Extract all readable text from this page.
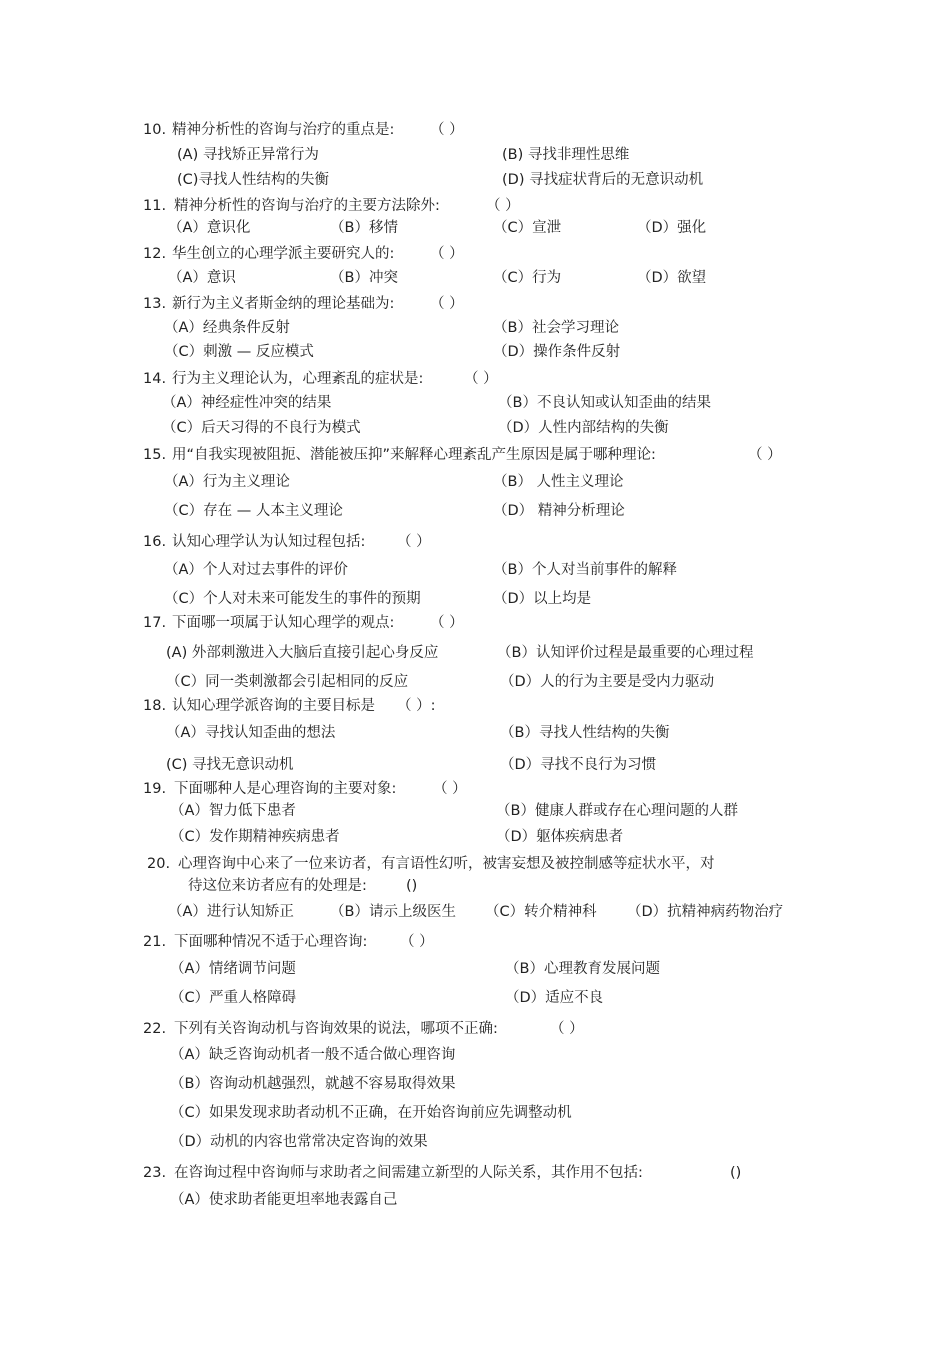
10. 精神分析性的咨询与治疗的重点是: （ ）
(A) 寻找矫正异常行为	(B) 寻找非理性思维
(C)寻找人性结构的失衡	(D) 寻找症状背后的无意识动机
11. 精神分析性的咨询与治疗的主要方法除外:	（ ）
（A）意识化	（B）移情	（C）宣泄	（D）强化
12. 华生创立的心理学派主要研究人的: （ ）
（A）意识	（B）冲突	（C）行为	（D）欲望
13. 新行为主义者斯金纳的理论基础为: （ ）
（A）经典条件反射	（B）社会学习理论
（C）刺激 — 反应模式	（D）操作条件反射
14. 行为主义理论认为，心理紊乱的症状是:	（ ）
（A）神经症性冲突的结果	（B）不良认知或认知歪曲的结果
（C）后天习得的不良行为模式	（D）人性内部结构的失衡
15. 用“自我实现被阻扼、潜能被压抑”来解释心理紊乱产生原因是属于哪种理论:	（ ）
（A）行为主义理论	（B） 人性主义理论
（C）存在 — 人本主义理论	（D） 精神分析理论
16. 认知心理学认为认知过程包括: （ ）
（A）个人对过去事件的评价	（B）个人对当前事件的解释
（C）个人对未来可能发生的事件的预期	（D）以上均是
17. 下面哪一项属于认知心理学的观点: （ ）
(A) 外部刺激进入大脑后直接引起心身反应	（B）认知评价过程是最重要的心理过程
（C）同一类刺激都会引起相同的反应	（D）人的行为主要是受内力驱动
18. 认知心理学派咨询的主要目标是 （ ）:
（A）寻找认知歪曲的想法	（B）寻找人性结构的失衡
(C) 寻找无意识动机	（D）寻找不良行为习惯
19. 下面哪种人是心理咨询的主要对象:	（ ）
（A）智力低下患者	（B）健康人群或存在心理问题的人群
（C）发作期精神疾病患者	（D）躯体疾病患者
20. 心理咨询中心来了一位来访者，有言语性幻听，被害妄想及被控制感等症状水平，对
待这位来访者应有的处理是:	()
（A）进行认知矫正 （B）请示上级医生 （C）转介精神科 （D）抗精神病药物治疗
21. 下面哪种情况不适于心理咨询: （ ）
（A）情绪调节问题	（B）心理教育发展问题
（C）严重人格障碍	（D）适应不良
22. 下列有关咨询动机与咨询效果的说法，哪项不正确:	（ ）
（A）缺乏咨询动机者一般不适合做心理咨询
（B）咨询动机越强烈，就越不容易取得效果
（C）如果发现求助者动机不正确，在开始咨询前应先调整动机
（D）动机的内容也常常决定咨询的效果
23. 在咨询过程中咨询师与求助者之间需建立新型的人际关系，其作用不包括:	()
（A）使求助者能更坦率地表露自己
